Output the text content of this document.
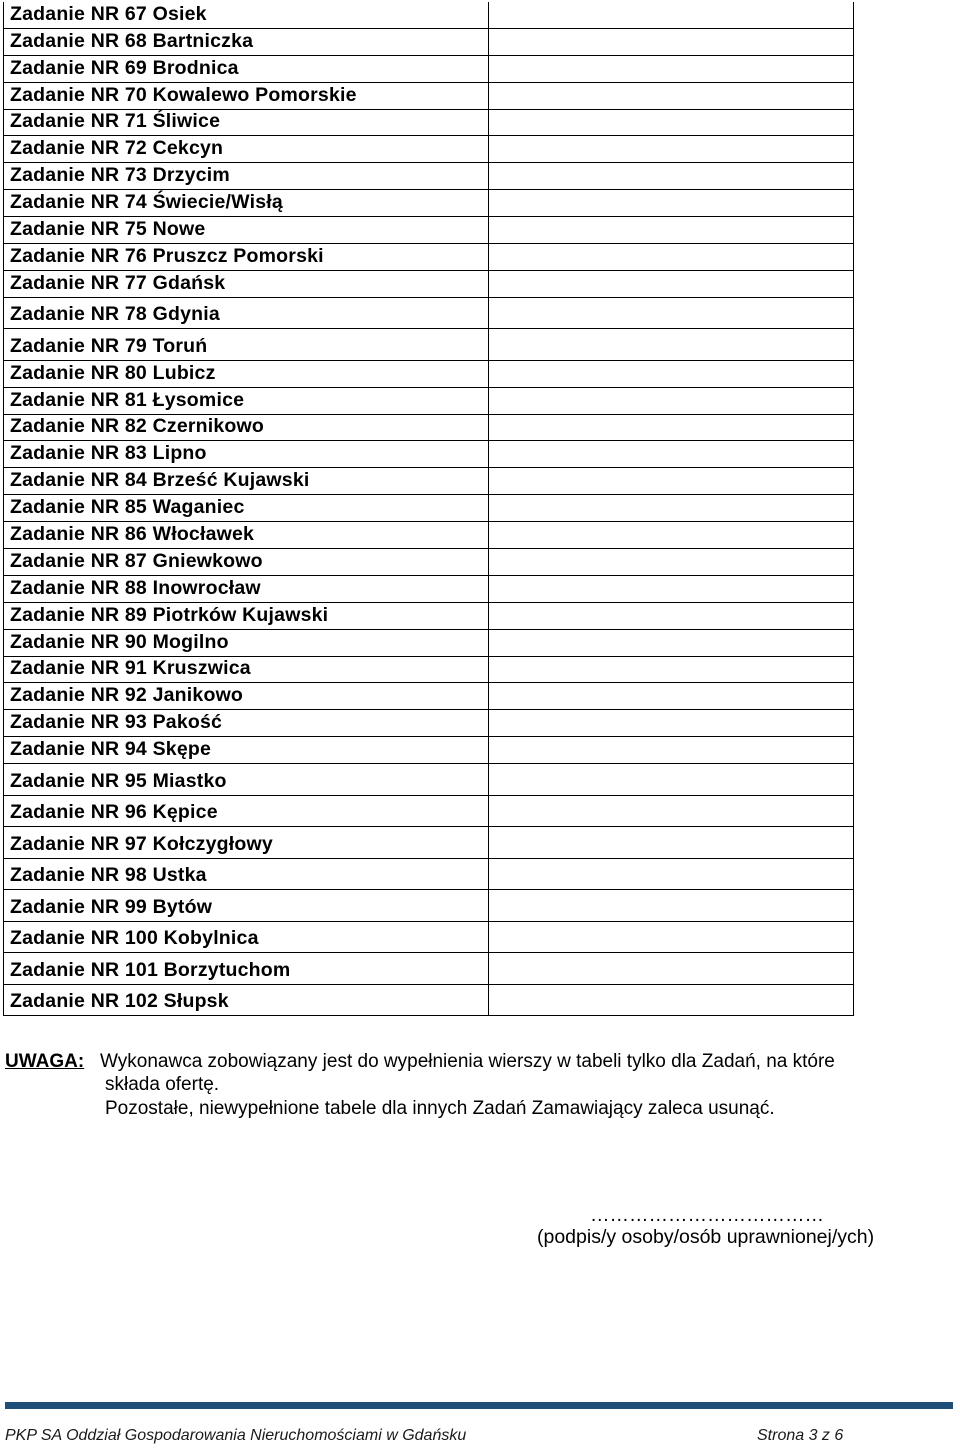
Zadanie NR 67 Osiek
Zadanie NR 68 Bartniczka
Zadanie NR 69 Brodnica
Zadanie NR 70 Kowalewo Pomorskie
Zadanie NR 71 Śliwice
Zadanie NR 72 Cekcyn
Zadanie NR 73 Drzycim
Zadanie NR 74 Świecie/Wisłą
Zadanie NR 75 Nowe
Zadanie NR 76 Pruszcz Pomorski
Zadanie NR 77 Gdańsk
Zadanie NR 78 Gdynia
Zadanie NR 79 Toruń
Zadanie NR 80 Lubicz
Zadanie NR 81 Łysomice
Zadanie NR 82 Czernikowo
Zadanie NR 83 Lipno
Zadanie NR 84 Brześć Kujawski
Zadanie NR 85 Waganiec
Zadanie NR 86 Włocławek
Zadanie NR 87 Gniewkowo
Zadanie NR 88 Inowrocław
Zadanie NR 89 Piotrków Kujawski
Zadanie NR 90 Mogilno
Zadanie NR 91 Kruszwica
Zadanie NR 92 Janikowo
Zadanie NR 93 Pakość
Zadanie NR 94 Skępe
Zadanie NR 95 Miastko
Zadanie NR 96 Kępice
Zadanie NR 97 Kołczygłowy
Zadanie NR 98 Ustka
Zadanie NR 99 Bytów
Zadanie NR 100 Kobylnica
Zadanie NR 101 Borzytuchom
Zadanie NR 102 Słupsk
UWAGA: Wykonawca zobowiązany jest do wypełnienia wierszy w tabeli tylko dla Zadań, na które
składa ofertę.
Pozostałe, niewypełnione tabele dla innych Zadań Zamawiający zaleca usunąć.
………………………………
(podpis/y osoby/osób uprawnionej/ych)
PKP SA Oddział Gospodarowania Nieruchomościami w Gdańsku	Strona 3 z 6
